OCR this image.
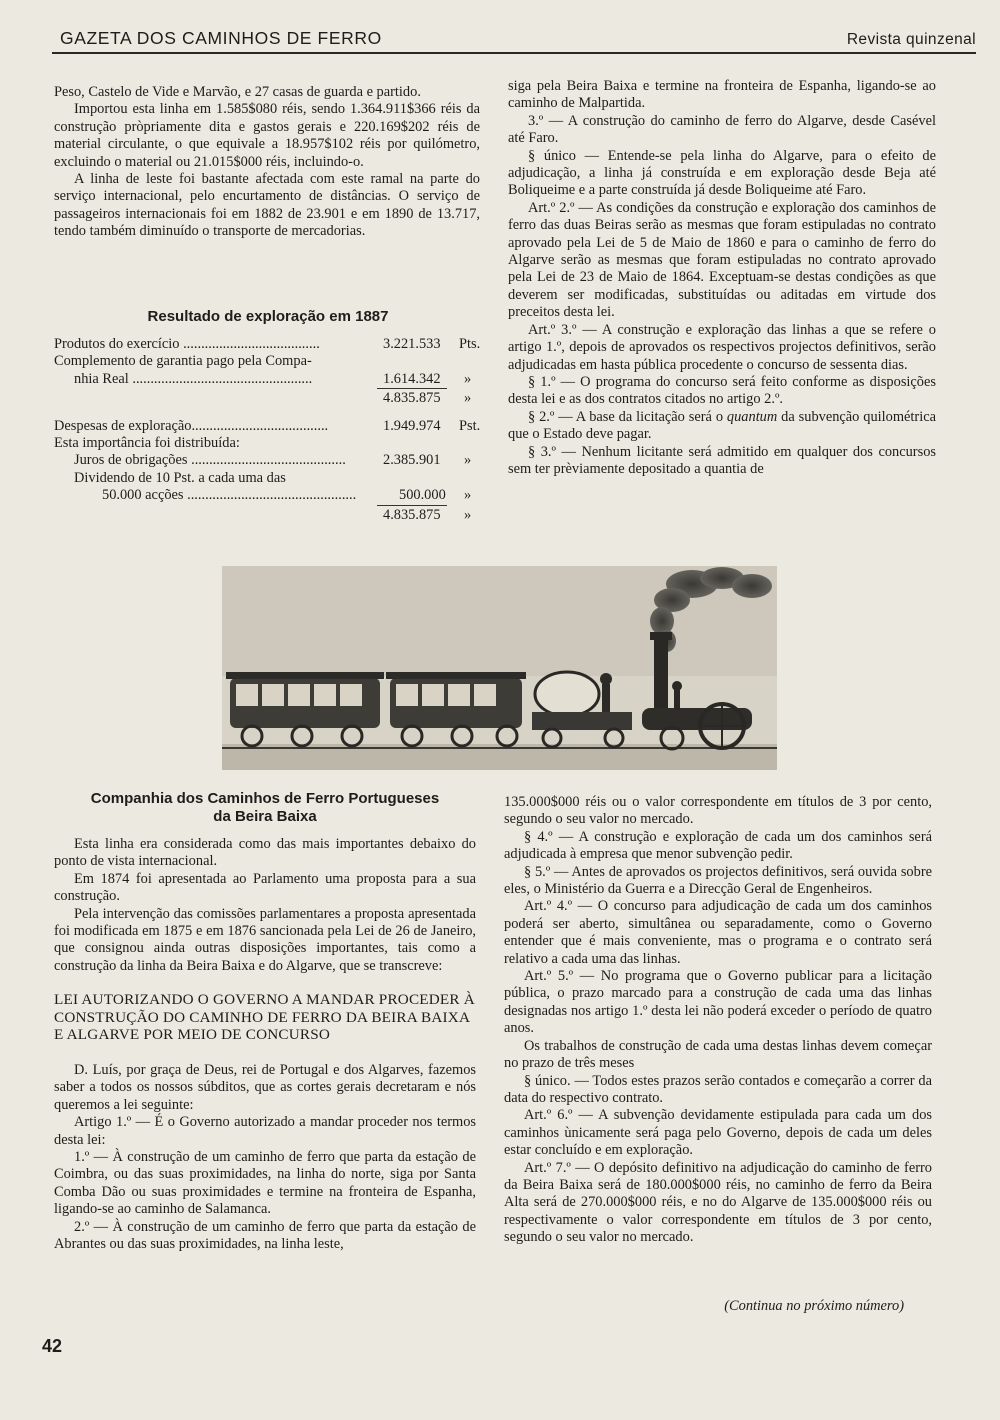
GAZETA DOS CAMINHOS DE FERRO	Revista quinzenal

Peso, Castelo de Vide e Marvão, e 27 casas de guarda e partido.

Importou esta linha em 1.585$080 réis, sendo 1.364.911$366 réis da construção pròpriamente dita e gastos gerais e 220.169$202 réis de material circulante, o que equivale a 18.957$102 réis por quilómetro, excluindo o material ou 21.015$000 réis, incluindo-o.

A linha de leste foi bastante afectada com este ramal na parte do serviço internacional, pelo encurtamento de distâncias. O serviço de passageiros internacionais foi em 1882 de 23.901 e em 1890 de 13.717, tendo também diminuído o transporte de mercadorias.

Resultado de exploração em 1887
Produtos do exercício ......................................	3.221.533 Pts.
Complemento de garantia pago pela Compa-
nhia Real ..................................................	1.614.342 »
4.835.875 »
Despesas de exploração......................................	1.949.974 Pst.
Esta importância foi distribuída:
Juros de obrigações ...........................................	2.385.901 »
Dividendo de 10 Pst. a cada uma das
50.000 acções ...............................................	500.000 »
4.835.875 »

siga pela Beira Baixa e termine na fronteira de Espanha, ligando-se ao caminho de Malpartida.

3.º — A construção do caminho de ferro do Algarve, desde Casével até Faro.

§ único — Entende-se pela linha do Algarve, para o efeito de adjudicação, a linha já construída e em exploração desde Beja até Boliqueime e a parte construída já desde Boliqueime até Faro.

Art.º 2.º — As condições da construção e exploração dos caminhos de ferro das duas Beiras serão as mesmas que foram estipuladas no contrato aprovado pela Lei de 5 de Maio de 1860 e para o caminho de ferro do Algarve serão as mesmas que foram estipuladas no contrato aprovado pela Lei de 23 de Maio de 1864. Exceptuam-se destas condições as que deverem ser modificadas, substituídas ou aditadas em virtude dos preceitos desta lei.

Art.º 3.º — A construção e exploração das linhas a que se refere o artigo 1.º, depois de aprovados os respectivos projectos definitivos, serão adjudicadas em hasta pública procedente o concurso de sessenta dias.

§ 1.º — O programa do concurso será feito conforme as disposições desta lei e as dos contratos citados no artigo 2.º.

§ 2.º — A base da licitação será o quantum da subvenção quilométrica que o Estado deve pagar.

§ 3.º — Nenhum licitante será admitido em qualquer dos concursos sem ter prèviamente depositado a quantia de

Companhia dos Caminhos de Ferro Portugueses
da Beira Baixa

Esta linha era considerada como das mais importantes debaixo do ponto de vista internacional.

Em 1874 foi apresentada ao Parlamento uma proposta para a sua construção.

Pela intervenção das comissões parlamentares a proposta apresentada foi modificada em 1875 e em 1876 sancionada pela Lei de 26 de Janeiro, que consignou ainda outras disposições importantes, tais como a construção da linha da Beira Baixa e do Algarve, que se transcreve:

LEI AUTORIZANDO O GOVERNO A MANDAR PROCEDER À CONSTRUÇÃO DO CAMINHO DE FERRO DA BEIRA BAIXA E ALGARVE POR MEIO DE CONCURSO

D. Luís, por graça de Deus, rei de Portugal e dos Algarves, fazemos saber a todos os nossos súbditos, que as cortes gerais decretaram e nós queremos a lei seguinte:

Artigo 1.º — É o Governo autorizado a mandar proceder nos termos desta lei:

1.º — À construção de um caminho de ferro que parta da estação de Coimbra, ou das suas proximidades, na linha do norte, siga por Santa Comba Dão ou suas proximidades e termine na fronteira de Espanha, ligando-se ao caminho de Salamanca.

2.º — À construção de um caminho de ferro que parta da estação de Abrantes ou das suas proximidades, na linha leste,

135.000$000 réis ou o valor correspondente em títulos de 3 por cento, segundo o seu valor no mercado.

§ 4.º — A construção e exploração de cada um dos caminhos será adjudicada à empresa que menor subvenção pedir.

§ 5.º — Antes de aprovados os projectos definitivos, será ouvida sobre eles, o Ministério da Guerra e a Direcção Geral de Engenheiros.

Art.º 4.º — O concurso para adjudicação de cada um dos caminhos poderá ser aberto, simultânea ou separadamente, como o Governo entender que é mais conveniente, mas o programa e o contrato será relativo a cada uma das linhas.

Art.º 5.º — No programa que o Governo publicar para a licitação pública, o prazo marcado para a construção de cada uma das linhas designadas nos artigo 1.º desta lei não poderá exceder o período de quatro anos.

Os trabalhos de construção de cada uma destas linhas devem começar no prazo de três meses

§ único. — Todos estes prazos serão contados e começarão a correr da data do respectivo contrato.

Art.º 6.º — A subvenção devidamente estipulada para cada um dos caminhos ùnicamente será paga pelo Governo, depois de cada um deles estar concluído e em exploração.

Art.º 7.º — O depósito definitivo na adjudicação do caminho de ferro da Beira Baixa será de 180.000$000 réis, no caminho de ferro da Beira Alta será de 270.000$000 réis, e no do Algarve de 135.000$000 réis ou respectivamente o valor correspondente em títulos de 3 por cento, segundo o seu valor no mercado.

(Continua no próximo número)
42
